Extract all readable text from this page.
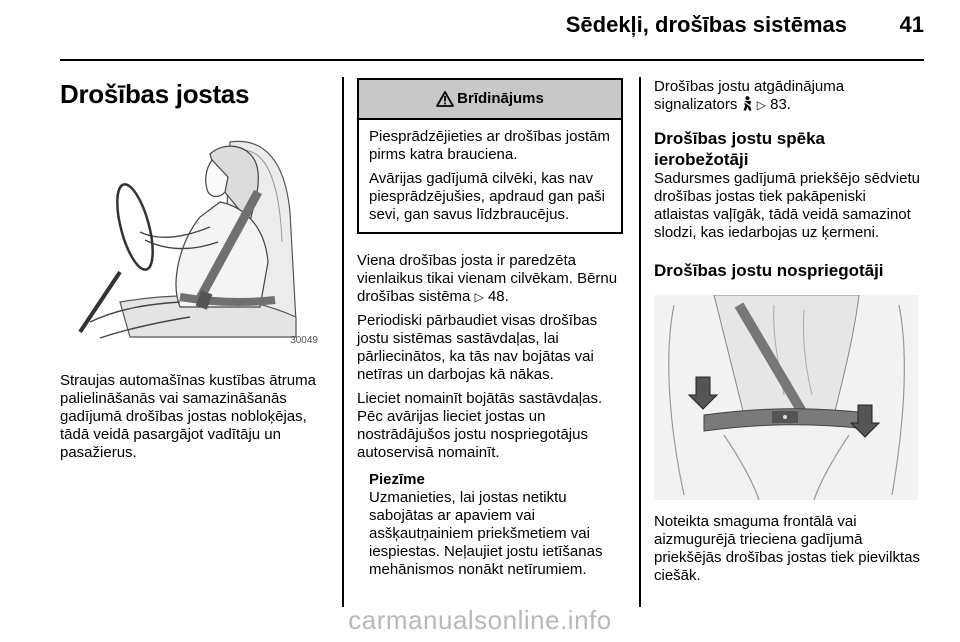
Sēdekļi, drošības sistēmas 41
Drošības jostas
30049

Straujas automašīnas kustības ātruma palielināšanās vai samazināšanās gadījumā drošības jostas nobloķējas, tādā veidā pasargājot vadītāju un pasažierus.

Brīdinājums

Piesprādzējieties ar drošības jostām pirms katra brauciena.

Avārijas gadījumā cilvēki, kas nav piesprādzējušies, apdraud gan paši sevi, gan savus līdzbraucējus.

Viena drošības josta ir paredzēta vienlaikus tikai vienam cilvēkam. Bērnu drošības sistēma ▷ 48.

Periodiski pārbaudiet visas drošības jostu sistēmas sastāvdaļas, lai pārliecinātos, ka tās nav bojātas vai netīras un darbojas kā nākas.

Lieciet nomainīt bojātās sastāvdaļas. Pēc avārijas lieciet jostas un nostrādājušos jostu nospriegotājus autoservisā nomainīt.

Piezīme

Uzmanieties, lai jostas netiktu sabojātas ar apaviem vai asšķautņainiem priekšmetiem vai iespiestas. Neļaujiet jostu ietīšanas mehānismos nonākt netīrumiem.

Drošības jostu atgādinājuma signalizators ▷ 83.

Drošības jostu spēka ierobežotāji

Sadursmes gadījumā priekšējo sēdvietu drošības jostas tiek pakāpeniski atlaistas vaļīgāk, tādā veidā samazinot slodzi, kas iedarbojas uz ķermeni.

Drošības jostu nospriegotāji

Noteikta smaguma frontālā vai aizmugurējā trieciena gadījumā priekšējās drošības jostas tiek pievilktas ciešāk.

carmanualsonline.info
